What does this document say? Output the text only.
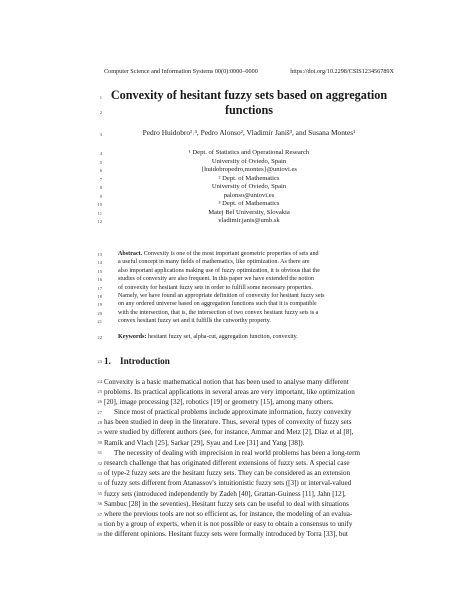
Computer Science and Information Systems 00(0):0000–0000	https://doi.org/10.2298/CSIS123456789X
1
2
3
4
5
6
7
8
9
10
11
12
13
14
15
16
17
18
19
20
21
22
23
24
25
26
27
28
29
30
31
32
33
34
35
36
37
38
39
Convexity of hesitant fuzzy sets based on aggregation
functions
Pedro Huidobro¹˒³, Pedro Alonso², Vladimír Janiš³, and Susana Montes¹
¹ Dept. of Statistics and Operational Research
University of Oviedo, Spain
{huidobropedro,montes}@uniovi.es
² Dept. of Mathematics
University of Oviedo, Spain
palonso@uniovi.es
³ Dept. of Mathematics
Matej Bel University, Slovakia
vladimir.janis@umb.sk
Abstract. Convexity is one of the most important geometric properties of sets and
a useful concept in many fields of mathematics, like optimization. As there are
also important applications making use of fuzzy optimization, it is obvious that the
studies of convexity are also frequent. In this paper we have extended the notion
of convexity for hesitant fuzzy sets in order to fulfill some necessary properties.
Namely, we have found an appropriate definition of convexity for hesitant fuzzy sets
on any ordered universe based on aggregation functions such that it is compatible
with the intersection, that is, the intersection of two convex hesitant fuzzy sets is a
convex hesitant fuzzy set and it fulfills the cutworthy property.
Keywords: hesitant fuzzy set, alpha-cut, aggregation function, convexity.
1. Introduction
Convexity is a basic mathematical notion that has been used to analyse many different
problems. Its practical applications in several areas are very important, like optimization
[20], image processing [32], robotics [19] or geometry [15], among many others.
Since most of practical problems include approximate information, fuzzy convexity
has been studied in deep in the literature. Thus, several types of convexity of fuzzy sets
were studied by different authors (see, for instance, Ammar and Metz [2], Díaz et al [8],
Ramík and Vlach [25], Sarkar [29], Syau and Lee [31] and Yang [38]).
The necessity of dealing with imprecision in real world problems has been a long-term
research challenge that has originated different extensions of fuzzy sets. A special case
of type-2 fuzzy sets are the hesitant fuzzy sets. They can be considered as an extension
of fuzzy sets different from Atanassov's intuitionistic fuzzy sets ([3]) or interval-valued
fuzzy sets (introduced independently by Zadeh [40], Grattan-Guiness [11], Jahn [12],
Sambuc [28] in the seventies). Hesitant fuzzy sets can be useful to deal with situations
where the previous tools are not so efficient as, for instance, the modeling of an evalua-
tion by a group of experts, when it is not possible or easy to obtain a consensus to unify
the different opinions. Hesitant fuzzy sets were formally introduced by Torra [33], but
